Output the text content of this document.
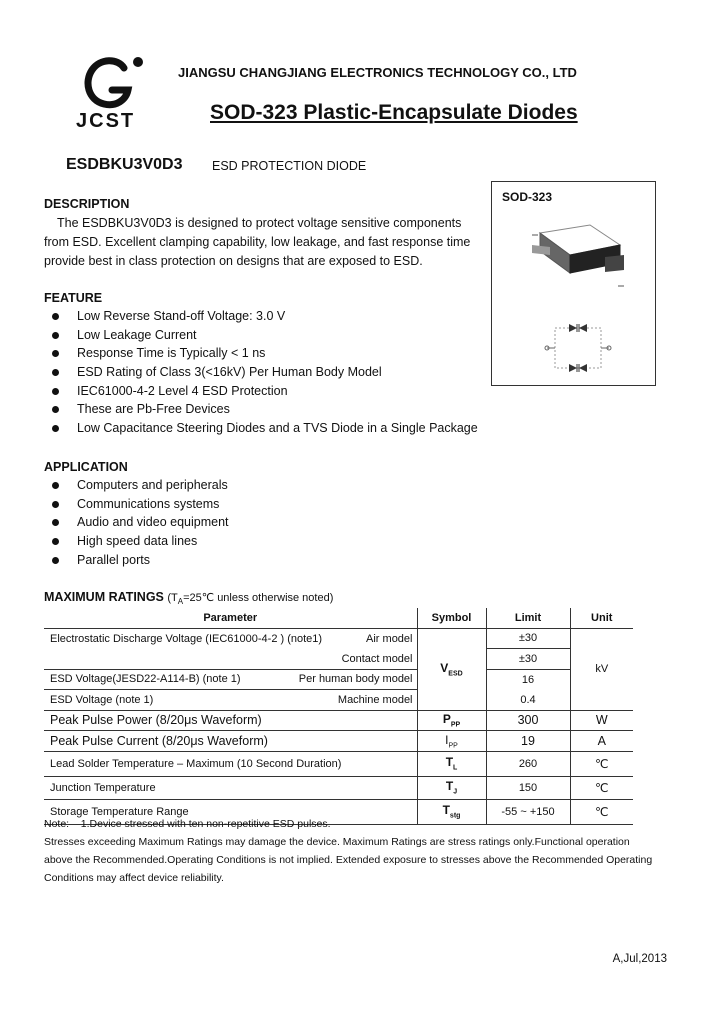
JCST
JIANGSU CHANGJIANG ELECTRONICS TECHNOLOGY CO., LTD
SOD-323 Plastic-Encapsulate Diodes
ESDBKU3V0D3 ESD PROTECTION DIODE
DESCRIPTION
The ESDBKU3V0D3 is designed to protect voltage sensitive components
from ESD. Excellent clamping capability, low leakage, and fast response time
provide best in class protection on designs that are exposed to ESD.
FEATURE
Low Reverse Stand-off Voltage: 3.0 V
Low Leakage Current
Response Time is Typically < 1 ns
ESD Rating of Class 3(<16kV) Per Human Body Model
IEC61000-4-2 Level 4 ESD Protection
These are Pb-Free Devices
Low Capacitance Steering Diodes and a TVS Diode in a Single Package
APPLICATION
Computers and peripherals
Communications systems
Audio and video equipment
High speed data lines
Parallel ports
SOD-323
MAXIMUM RATINGS ($T_A=25℃$ unless otherwise noted)
Parameter	Symbol	Limit	Unit
Electrostatic Discharge Voltage (IEC61000-4-2 ) (note1) Air model	$V_{ESD}$	±30	kV
Contact model		±30	
ESD Voltage(JESD22-A114-B) (note 1) Per human body model		16	
ESD Voltage (note 1) Machine model		0.4	
Peak Pulse Power (8/20μs Waveform)	$P_{PP}$	300	W
Peak Pulse Current (8/20μs Waveform)	$I_{PP}$	19	A
Lead Solder Temperature – Maximum (10 Second Duration)	$T_L$	260	℃
Junction Temperature	$T_J$	150	℃
Storage Temperature Range	$T_{stg}$	-55 ~ +150	℃
Note:    1.Device stressed with ten non-repetitive ESD pulses.
Stresses exceeding Maximum Ratings may damage the device. Maximum Ratings are stress ratings only.Functional operation
above the Recommended.Operating Conditions is not implied. Extended exposure to stresses above the Recommended Operating
Conditions may affect device reliability.
A,Jul,2013
